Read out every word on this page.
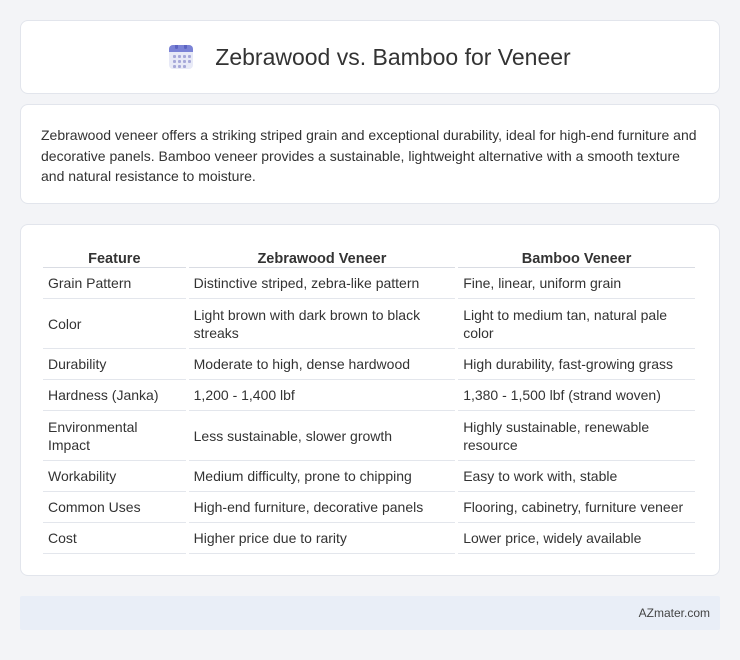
Zebrawood vs. Bamboo for Veneer

Zebrawood veneer offers a striking striped grain and exceptional durability, ideal for high-end furniture and decorative panels. Bamboo veneer provides a sustainable, lightweight alternative with a smooth texture and natural resistance to moisture.

Feature	Zebrawood Veneer	Bamboo Veneer
Grain Pattern	Distinctive striped, zebra-like pattern	Fine, linear, uniform grain
Color	Light brown with dark brown to black streaks	Light to medium tan, natural pale color
Durability	Moderate to high, dense hardwood	High durability, fast-growing grass
Hardness (Janka)	1,200 - 1,400 lbf	1,380 - 1,500 lbf (strand woven)
Environmental Impact	Less sustainable, slower growth	Highly sustainable, renewable resource
Workability	Medium difficulty, prone to chipping	Easy to work with, stable
Common Uses	High-end furniture, decorative panels	Flooring, cabinetry, furniture veneer
Cost	Higher price due to rarity	Lower price, widely available
AZmater.com
